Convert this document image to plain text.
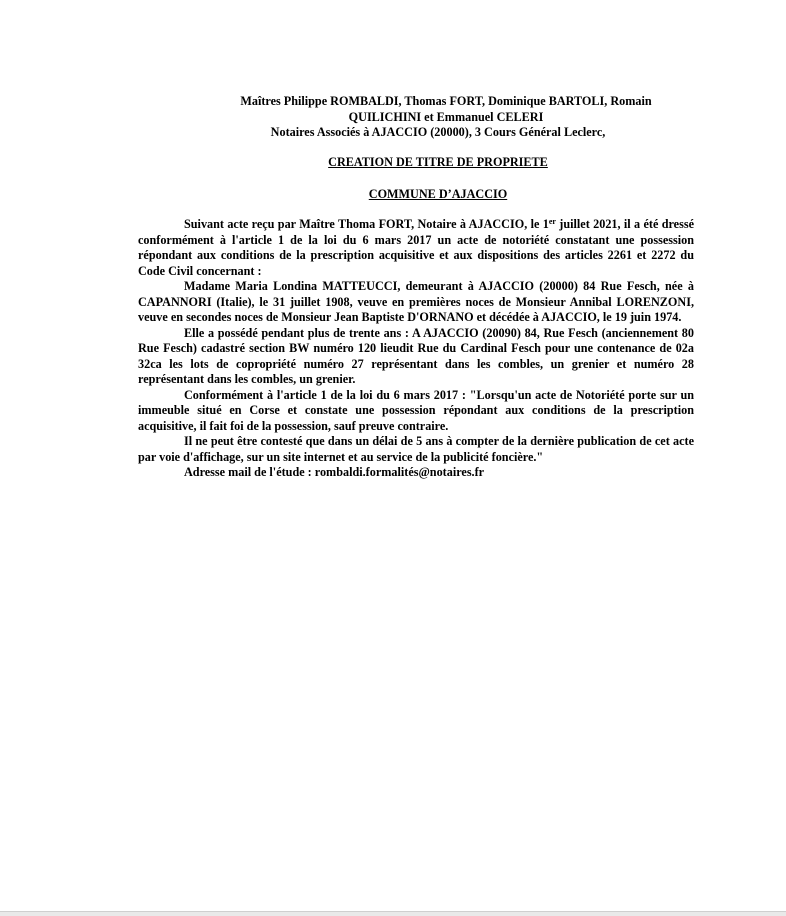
Maîtres Philippe ROMBALDI, Thomas FORT, Dominique BARTOLI, Romain
QUILICHINI et Emmanuel CELERI
Notaires Associés à AJACCIO (20000), 3 Cours Général Leclerc,
CREATION DE TITRE DE PROPRIETE
COMMUNE D’AJACCIO

Suivant acte reçu par Maître Thoma FORT, Notaire à AJACCIO, le 1er juillet 2021, il a été dressé conformément à l'article 1 de la loi du 6 mars 2017 un acte de notoriété constatant une possession répondant aux conditions de la prescription acquisitive et aux dispositions des articles 2261 et 2272 du Code Civil concernant :

Madame Maria Londina MATTEUCCI, demeurant à AJACCIO (20000) 84 Rue Fesch, née à CAPANNORI (Italie), le 31 juillet 1908, veuve en premières noces de Monsieur Annibal LORENZONI, veuve en secondes noces de Monsieur Jean Baptiste D'ORNANO et décédée à AJACCIO, le 19 juin 1974.

Elle a possédé pendant plus de trente ans : A AJACCIO (20090) 84, Rue Fesch (anciennement 80 Rue Fesch) cadastré section BW numéro 120 lieudit Rue du Cardinal Fesch pour une contenance de 02a 32ca les lots de copropriété numéro 27 représentant dans les combles, un grenier et numéro 28 représentant dans les combles, un grenier.

Conformément à l'article 1 de la loi du 6 mars 2017 : "Lorsqu'un acte de Notoriété porte sur un immeuble situé en Corse et constate une possession répondant aux conditions de la prescription acquisitive, il fait foi de la possession, sauf preuve contraire.

Il ne peut être contesté que dans un délai de 5 ans à compter de la dernière publication de cet acte par voie d'affichage, sur un site internet et au service de la publicité foncière."

Adresse mail de l'étude : rombaldi.formalités@notaires.fr
